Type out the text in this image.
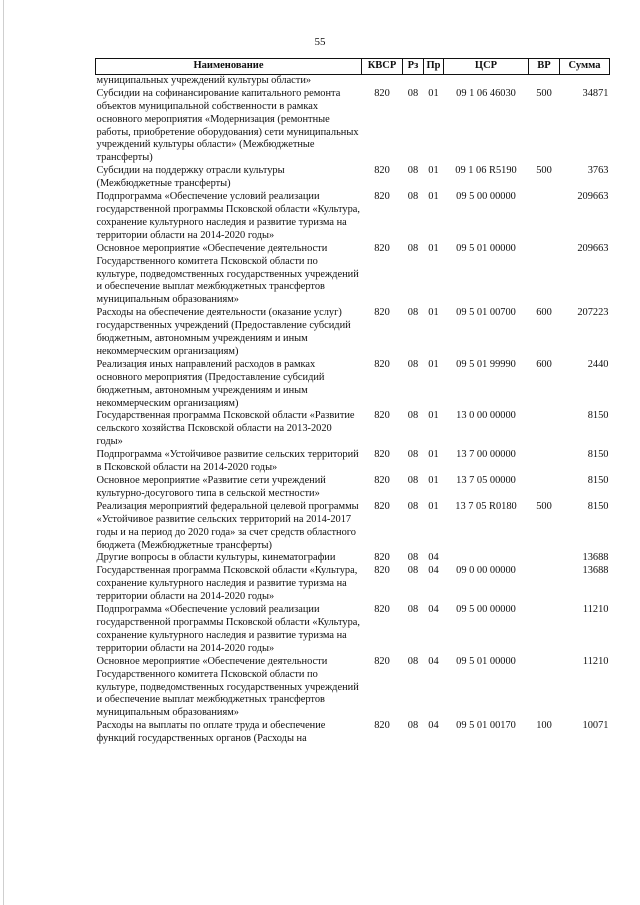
55
Наименование	КВСР	Рз	Пр	ЦСР	ВР	Сумма
муниципальных учреждений культуры области»						
Субсидии на софинансирование капитального ремонта объектов муниципальной собственности в рамках основного мероприятия «Модернизация (ремонтные работы, приобретение оборудования) сети муниципальных учреждений культуры области» (Межбюджетные трансферты)	820	08	01	09 1 06 46030	500	34871
Субсидии на поддержку отрасли культуры (Межбюджетные трансферты)	820	08	01	09 1 06 R5190	500	3763
Подпрограмма «Обеспечение условий реализации государственной программы Псковской области «Культура, сохранение культурного наследия и развитие туризма на территории области на 2014-2020 годы»	820	08	01	09 5 00 00000		209663
Основное мероприятие «Обеспечение деятельности Государственного комитета Псковской области по культуре, подведомственных государственных учреждений и обеспечение выплат межбюджетных трансфертов муниципальным образованиям»	820	08	01	09 5 01 00000		209663
Расходы на обеспечение деятельности (оказание услуг) государственных учреждений (Предоставление субсидий бюджетным, автономным учреждениям и иным некоммерческим организациям)	820	08	01	09 5 01 00700	600	207223
Реализация иных направлений расходов в рамках основного мероприятия (Предоставление субсидий бюджетным, автономным учреждениям и иным некоммерческим организациям)	820	08	01	09 5 01 99990	600	2440
Государственная программа Псковской области «Развитие сельского хозяйства Псковской области на 2013-2020 годы»	820	08	01	13 0 00 00000		8150
Подпрограмма «Устойчивое развитие сельских территорий в Псковской области на 2014-2020 годы»	820	08	01	13 7 00 00000		8150
Основное мероприятие «Развитие сети учреждений культурно-досугового типа в сельской местности»	820	08	01	13 7 05 00000		8150
Реализация мероприятий федеральной целевой программы «Устойчивое развитие сельских территорий на 2014-2017 годы и на период до 2020 года» за счет средств областного бюджета (Межбюджетные трансферты)	820	08	01	13 7 05 R0180	500	8150
Другие вопросы в области культуры, кинематографии	820	08	04			13688
Государственная программа Псковской области «Культура, сохранение культурного наследия и развитие туризма на территории области на 2014-2020 годы»	820	08	04	09 0 00 00000		13688
Подпрограмма «Обеспечение условий реализации государственной программы Псковской области «Культура, сохранение культурного наследия и развитие туризма на территории области на 2014-2020 годы»	820	08	04	09 5 00 00000		11210
Основное мероприятие «Обеспечение деятельности Государственного комитета Псковской области по культуре, подведомственных государственных учреждений и обеспечение выплат межбюджетных трансфертов муниципальным образованиям»	820	08	04	09 5 01 00000		11210
Расходы на выплаты по оплате труда и обеспечение функций государственных органов (Расходы на	820	08	04	09 5 01 00170	100	10071
